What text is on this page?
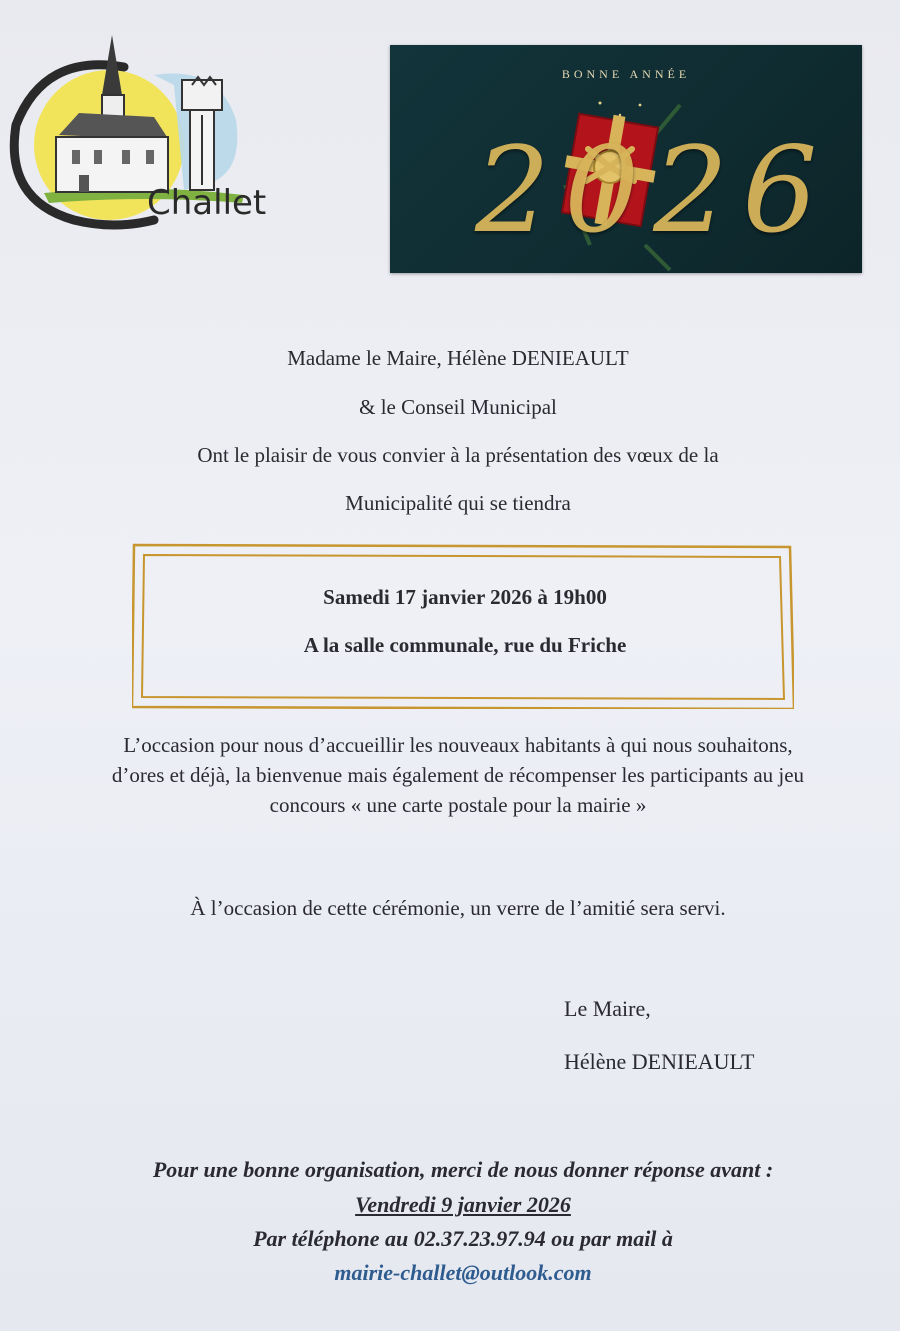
Challet
BONNE ANNÉE
2026
Madame le Maire, Hélène DENIEAULT
& le Conseil Municipal
Ont le plaisir de vous convier à la présentation des vœux de la
Municipalité qui se tiendra
Samedi 17 janvier 2026 à 19h00
A la salle communale, rue du Friche
L’occasion pour nous d’accueillir les nouveaux habitants à qui nous souhaitons,
d’ores et déjà, la bienvenue mais également de récompenser les participants au jeu
concours « une carte postale pour la mairie »
À l’occasion de cette cérémonie, un verre de l’amitié sera servi.
Le Maire,
Hélène DENIEAULT
Pour une bonne organisation, merci de nous donner réponse avant :
Vendredi 9 janvier 2026
Par téléphone au 02.37.23.97.94 ou par mail à
mairie-challet@outlook.com
